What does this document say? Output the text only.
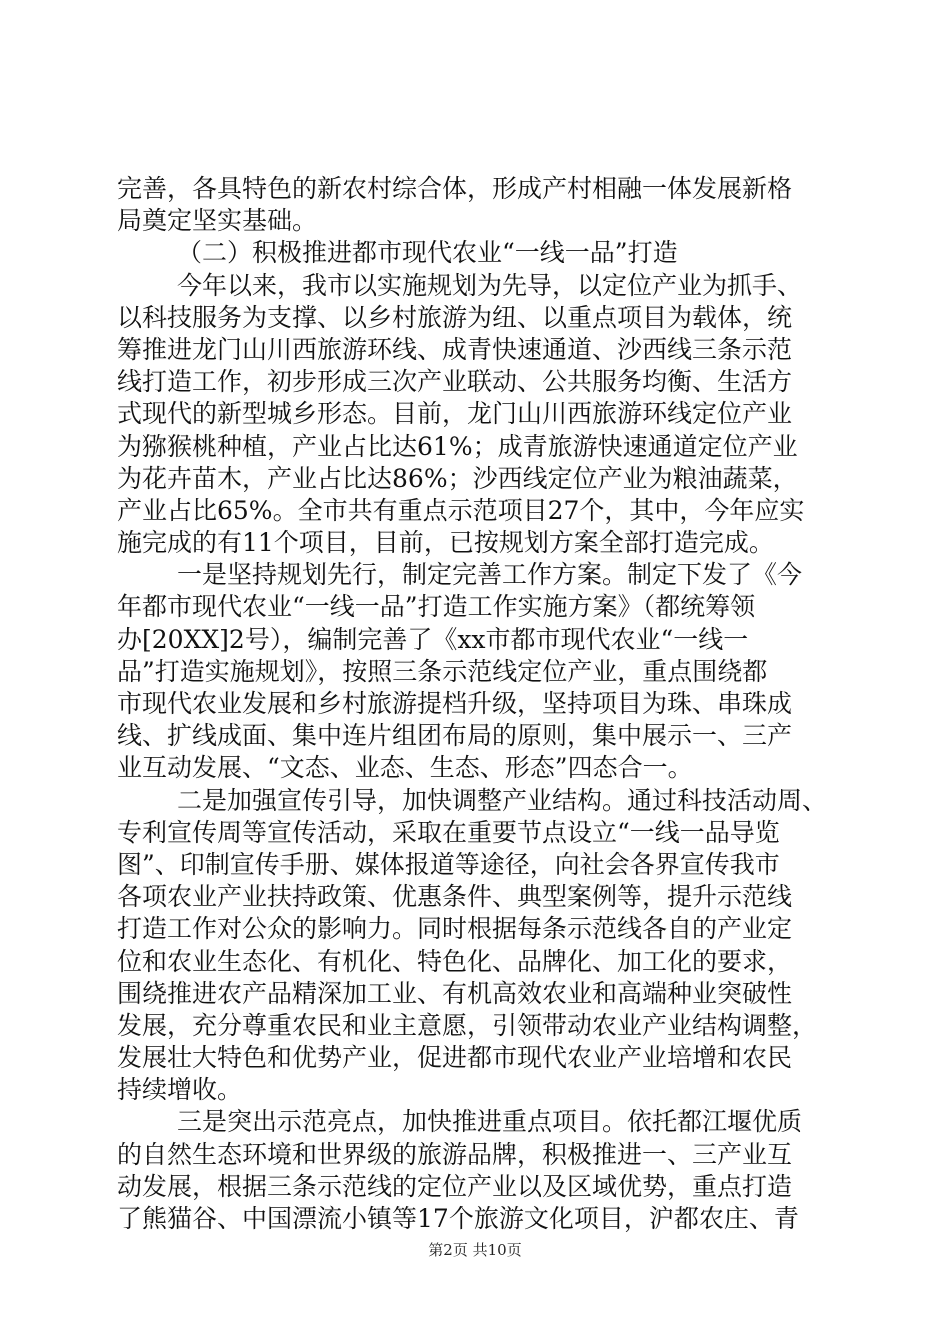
完善，各具特色的新农村综合体，形成产村相融一体发展新格
局奠定坚实基础。
（二）积极推进都市现代农业“一线一品”打造
今年以来，我市以实施规划为先导，以定位产业为抓手、
以科技服务为支撑、以乡村旅游为纽、以重点项目为载体，统
筹推进龙门山川西旅游环线、成青快速通道、沙西线三条示范
线打造工作，初步形成三次产业联动、公共服务均衡、生活方
式现代的新型城乡形态。目前，龙门山川西旅游环线定位产业
为猕猴桃种植，产业占比达61%；成青旅游快速通道定位产业
为花卉苗木，产业占比达86%；沙西线定位产业为粮油蔬菜，
产业占比65%。全市共有重点示范项目27个，其中，今年应实
施完成的有11个项目，目前，已按规划方案全部打造完成。
一是坚持规划先行，制定完善工作方案。制定下发了《今
年都市现代农业“一线一品”打造工作实施方案》（都统筹领
办[20XX]2号），编制完善了《xx市都市现代农业“一线一
品”打造实施规划》，按照三条示范线定位产业，重点围绕都
市现代农业发展和乡村旅游提档升级，坚持项目为珠、串珠成
线、扩线成面、集中连片组团布局的原则，集中展示一、三产
业互动发展、“文态、业态、生态、形态”四态合一。
二是加强宣传引导，加快调整产业结构。通过科技活动周、
专利宣传周等宣传活动，采取在重要节点设立“一线一品导览
图”、印制宣传手册、媒体报道等途径，向社会各界宣传我市
各项农业产业扶持政策、优惠条件、典型案例等，提升示范线
打造工作对公众的影响力。同时根据每条示范线各自的产业定
位和农业生态化、有机化、特色化、品牌化、加工化的要求，
围绕推进农产品精深加工业、有机高效农业和高端种业突破性
发展，充分尊重农民和业主意愿，引领带动农业产业结构调整，
发展壮大特色和优势产业，促进都市现代农业产业培增和农民
持续增收。
三是突出示范亮点，加快推进重点项目。依托都江堰优质
的自然生态环境和世界级的旅游品牌，积极推进一、三产业互
动发展，根据三条示范线的定位产业以及区域优势，重点打造
了熊猫谷、中国漂流小镇等17个旅游文化项目，沪都农庄、青
第2页 共10页
